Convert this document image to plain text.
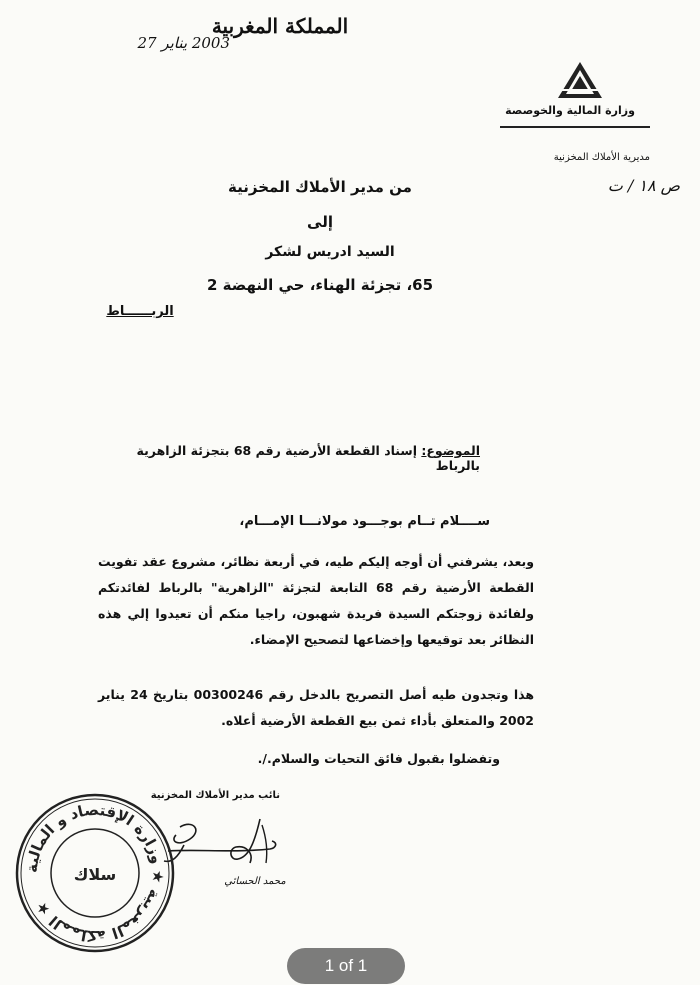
المملكة المغربية
2003 يناير 27
وزارة المالية والخوصصة
مديرية الأملاك المخزنية
ص ١٨ / ت
من مدير الأملاك المخزنية
إلى
السيد ادريس لشكر
65، تجزئة الهناء، حي النهضة 2
الربــــــاط
الموضوع: إسناد القطعة الأرضية رقم 68 بتجزئة الزاهرية بالرباط
ســــلام تــام بوجـــود مولانـــا الإمـــام،
وبعد، يشرفني أن أوجه إليكم طيه، في أربعة نظائر، مشروع عقد تفويت القطعة الأرضية رقم 68 التابعة لتجزئة "الزاهرية" بالرباط لفائدتكم ولفائدة زوجتكم السيدة فريدة شهبون، راجيا منكم أن تعيدوا إلي هذه النظائر بعد توقيعها وإخضاعها لتصحيح الإمضاء.
هذا وتجدون طيه أصل التصريح بالدخل رقم 00300246 بتاريخ 24 يناير 2002 والمتعلق بأداء ثمن بيع القطعة الأرضية أعلاه.
وتفضلوا بقبول فائق التحيات والسلام./.
نائب مدير الأملاك المخزنية
محمد الحسائي
المملكة المغربية ★ وزارة الإقتصاد و المالية ★
سلاك
1 of 1
